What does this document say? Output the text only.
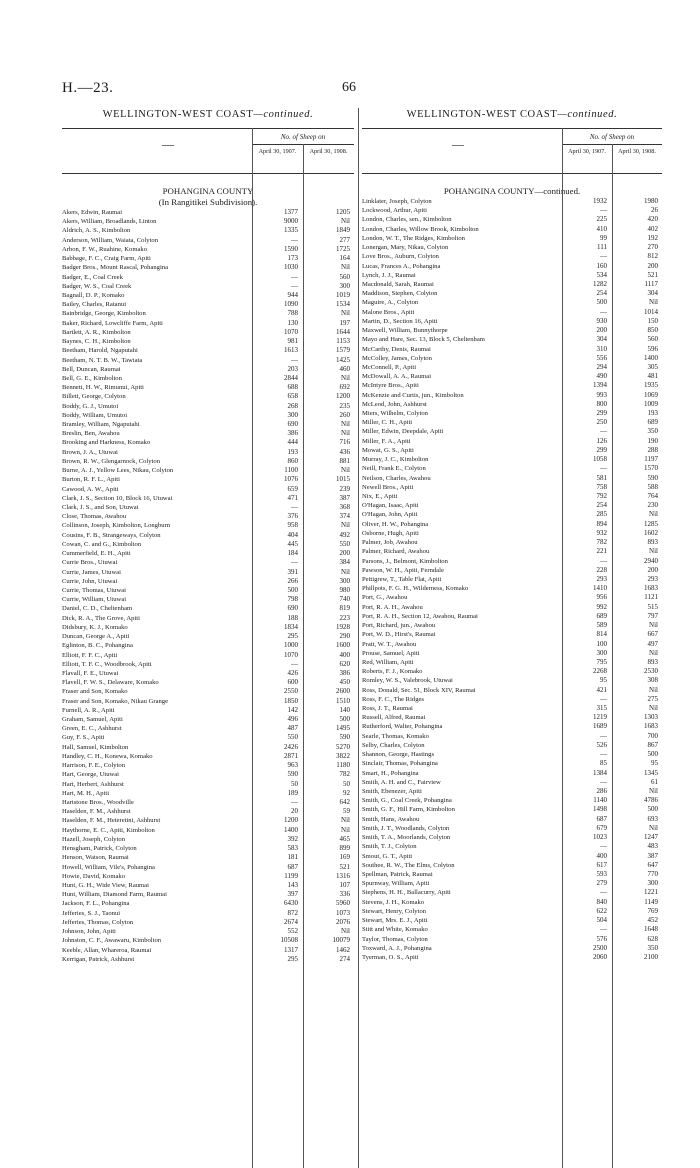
H.—23.	66
WELLINGTON-WEST COAST—continued.
—	No. of Sheep on
April 30, 1907.	April 30, 1908.
POHANGINA COUNTY
(In Rangitikei Subdivision).
Akers, Edwin, Raumai	1377	1205
Akers, William, Broadlands, Linton	9000	Nil
Aldrich, A. S., Kimbolton	1335	1849
Anderson, William, Waiata, Colyton	—	277
Arbon, F. W., Ruahine, Komako	1590	1725
Babbage, F. C., Craig Farm, Apiti	173	164
Badger Bros., Mount Rascal, Pohangina	1030	Nil
Badger, E., Coal Creek	—	560
Badger, W. S., Coal Creek	—	300
Bagnall, D. P., Komako	944	1019
Bailey, Charles, Ratanui	1090	1534
Bainbridge, George, Kimbolton	788	Nil
Baker, Richard, Lowcliffe Farm, Apiti	130	197
Bartlett, A. R., Kimbolton	1070	1644
Baynes, C. H., Kimbolton	981	1153
Beetham, Harold, Ngaputahi	1613	1579
Beetham, N. T. B. W., Tawiata	—	1425
Bell, Duncan, Raumai	203	460
Bell, G. E., Kimbolton	2844	Nil
Bennett, H. W., Rimunui, Apiti	688	692
Billett, George, Colyton	658	1200
Boddy, G. J., Umutoi	268	235
Boddy, William, Umutoi	300	260
Bramley, William, Ngaputahi	690	Nil
Breslin, Ben, Awahou	386	Nil
Brooking and Harkness, Komako	444	716
Brown, J. A., Utuwai	193	436
Brown, R. W., Glengarnock, Colyton	860	881
Burne, A. J., Yellow Lees, Nikau, Colyton	1100	Nil
Burton, R. F. L., Apiti	1076	1015
Cawood, A. W., Apiti	659	239
Clark, J. S., Section 10, Block 16, Utuwai	471	387
Clark, J. S., and Son, Utuwai	—	368
Close, Thomas, Awahou	376	374
Collinson, Joseph, Kimbolton, Longburn	958	Nil
Cousins, F. B., Strangeways, Colyton	404	492
Cowan, C. and G., Kimbolton	445	550
Cummerfield, E. H., Apiti	184	200
Currie Bros., Utuwai	—	384
Currie, James, Utuwai	391	Nil
Currie, John, Utuwai	266	300
Currie, Thomas, Utuwai	500	980
Currie, William, Utuwai	798	740
Daniel, C. D., Cheltenham	690	819
Dick, R. A., The Grove, Apiti	188	223
Didsbury, K. J., Komako	1834	1928
Duncan, George A., Apiti	295	290
Eglinton, B. C., Pohangina	1000	1600
Elliott, F. F. C., Apiti	1070	400
Elliott, T. F. C., Woodbrook, Apiti	—	620
Flavall, F. E., Utuwai	426	386
Flavell, F. W. S., Delaware, Komako	600	450
Fraser and Son, Komako	2550	2600
Fraser and Son, Komako, Nikau Grange	1850	1510
Furnell, A. R., Apiti	142	140
Graham, Samuel, Apiti	496	500
Green, E. C., Ashhurst	487	1495
Guy, F. S., Apiti	550	590
Hall, Samuel, Kimbolton	2426	5270
Handley, C. H., Konewa, Komako	2871	3822
Harrison, F. E., Colyton	963	1180
Hart, George, Utuwai	590	782
Hart, Herbert, Ashhurst	50	50
Hart, M. H., Apiti	189	92
Hartstone Bros., Woodville	—	642
Haselden, F. M., Ashhurst	20	59
Haselden, F. M., Heteretini, Ashhurst	1200	Nil
Haythorne, E. C., Apiti, Kimbolton	1400	Nil
Hazell, Joseph, Colyton	392	465
Hensgham, Patrick, Colyton	583	899
Henson, Watson, Raumai	181	169
Howell, William, Vile's, Pohangina	687	521
Howie, David, Komako	1199	1316
Hunt, G. H., Wide View, Raumai	143	107
Hunt, William, Diamond Farm, Raumai	397	336
Jackson, F. L., Pohangina	6430	5960
Jefferies, S. J., Taonui	872	1073
Jefferies, Thomas, Colyton	2674	2076
Johnson, John, Apiti	552	Nil
Johnston, C. F., Awawaru, Kimbolton	10508	10079
Keeble, Allan, Wharerоа, Raumai	1317	1462
Kerrigan, Patrick, Ashhurst	295	274
WELLINGTON-WEST COAST—continued.
—	No. of Sheep on
April 30, 1907.	April 30, 1908.
POHANGINA COUNTY—continued.
Linklater, Joseph, Colyton	1932	1980
Lockwood, Arthur, Apiti	—	26
London, Charles, sen., Kimbolton	225	420
London, Charles, Willow Brook, Kimbolton	410	402
London, W. T., The Ridges, Kimbolton	99	192
Lonergan, Mary, Nikau, Colyton	111	270
Love Bros., Auburn, Colyton	—	812
Lucas, Frances A., Pohangina	160	200
Lynch, J. J., Raumai	534	521
Macdonald, Sarah, Raumai	1282	1117
Maddison, Stephen, Colyton	254	304
Maguire, A., Colyton	500	Nil
Malone Bros., Apiti	—	1014
Martin, D., Section 16, Apiti	930	150
Maxwell, William, Bunnythorpe	200	850
Mayo and Hare, Sec. 13, Block 5, Cheltenham	304	560
McCarthy, Denis, Raumai	310	596
McColley, James, Colyton	556	1400
McConnell, P., Apiti	294	305
McDowall, A. A., Raumai	490	481
McIntyre Bros., Apiti	1394	1935
McKenzie and Curtis, jun., Kimbolton	993	1069
McLeod, John, Ashhurst	800	1009
Miers, Wilhelm, Colyton	299	193
Miller, C. H., Apiti	250	689
Miller, Edwin, Deepdale, Apiti	—	350
Miller, F. A., Apiti	126	190
Mowat, G. S., Apiti	299	288
Murray, J. C., Kimbolton	1058	1197
Neill, Frank E., Colyton	—	1570
Neilson, Charles, Awahou	581	590
Newell Bros., Apiti	758	588
Nix, E., Apiti	792	764
O'Hagan, Isaac, Apiti	254	230
O'Hagan, John, Apiti	285	Nil
Oliver, H. W., Pohangina	894	1285
Osborne, Hugh, Apiti	932	1602
Palmer, Job, Awahou	782	893
Palmer, Richard, Awahou	221	Nil
Parsons, J., Belmont, Kimbolton	—	2940
Pawson, W. H., Apiti, Ferndale	228	200
Pettigrew, T., Table Flat, Apiti	293	293
Phillpots, F. G. H., Wilderness, Komako	1410	1683
Port, G., Awahou	956	1121
Port, R. A. H., Awahou	992	515
Port, R. A. H., Section 12, Awahou, Raumai	689	797
Port, Richard, jun., Awahou	589	Nil
Port, W. D., Hirst's, Raumai	814	667
Pratt, W. T., Awahou	100	497
Prouse, Samuel, Apiti	300	Nil
Red, William, Apiti	795	893
Roberts, F. J., Komako	2268	2530
Romley, W. S., Valebrook, Utuwai	95	308
Ross, Donald, Sec. 51, Block XIV, Raumai	421	Nil
Ross, F. C., The Ridges	—	275
Ross, J. T., Raumai	315	Nil
Russell, Alfred, Raumai	1219	1303
Rutherford, Walter, Pohangina	1689	1683
Searle, Thomas, Komako	—	700
Selby, Charles, Colyton	526	867
Shannon, George, Hastings	—	500
Sinclair, Thomas, Pohangina	85	95
Smart, H., Pohangina	1384	1345
Smith, A. H. and C., Fairview	—	61
Smith, Ebenezer, Apiti	286	Nil
Smith, G., Coal Creek, Pohangina	1140	4786
Smith, G. F., Hill Farm, Kimbolton	1498	500
Smith, Hans, Awahou	687	693
Smith, J. T., Woodlands, Colyton	679	Nil
Smith, T. A., Moorlands, Colyton	1023	1247
Smith, T. J., Colyton	—	483
Smout, G. T., Apiti	400	387
Southee, R. W., The Elms, Colyton	617	647
Spellman, Patrick, Raumai	593	770
Spurnway, William, Apiti	279	300
Stephens, H. H., Ballacurry, Apiti	—	1221
Stevens, J. H., Komako	840	1149
Stewart, Henry, Colyton	622	769
Stewart, Mrs. E. J., Apiti	504	452
Stitt and White, Komako	—	1648
Taylor, Thomas, Colyton	576	628
Toxward, A. J., Pohangina	2500	350
Tyerman, O. S., Apiti	2060	2100
